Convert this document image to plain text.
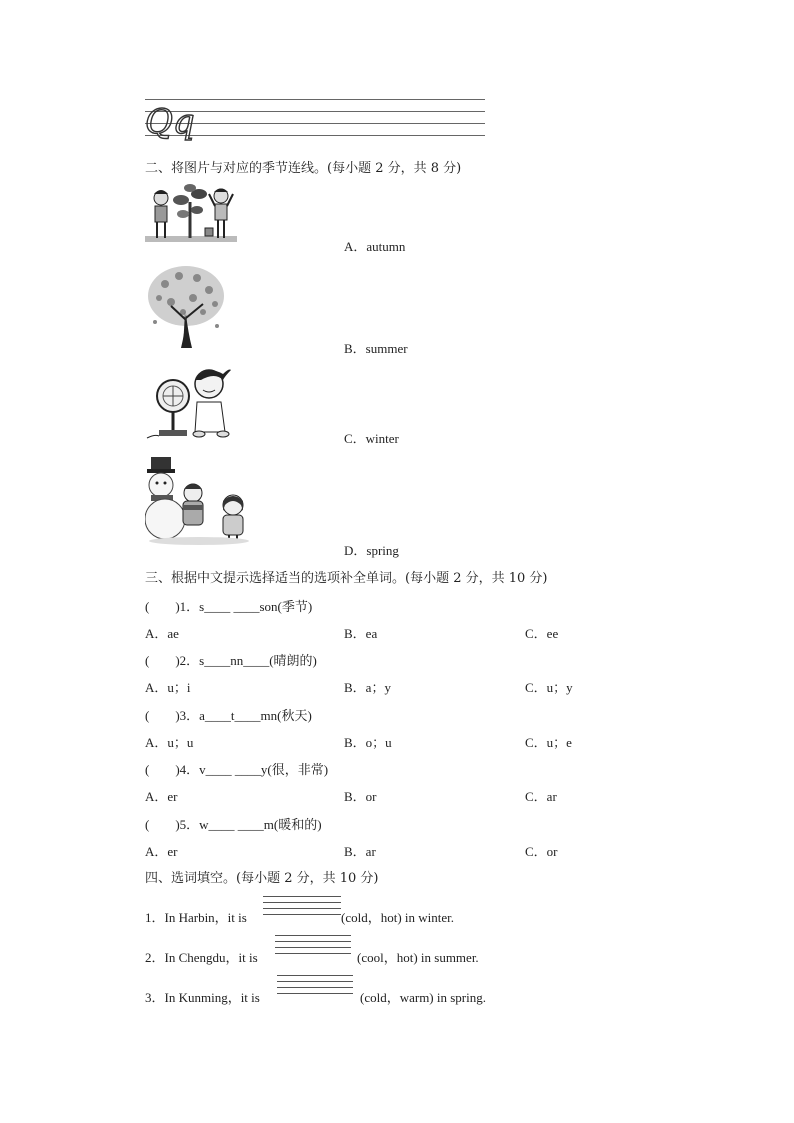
Qq
二、将图片与对应的季节连线。(每小题 2 分，共 8 分)
A．autumn
B．summer
C．winter
D．spring
三、根据中文提示选择适当的选项补全单词。(每小题 2 分，共 10 分)
(　　)1．s____ ____son(季节)
A．ae	B．ea	C．ee
(　　)2．s____nn____(晴朗的)
A．u；i	B．a；y	C．u；y
(　　)3．a____t____mn(秋天)
A．u；u	B．o；u	C．u；e
(　　)4．v____ ____y(很，非常)
A．er	B．or	C．ar
(　　)5．w____ ____m(暖和的)
A．er	B．ar	C．or
四、选词填空。(每小题 2 分，共 10 分)
1．In Harbin，it is	(cold，hot) in winter.
2．In Chengdu，it is	(cool，hot) in summer.
3．In Kunming，it is	(cold，warm) in spring.
